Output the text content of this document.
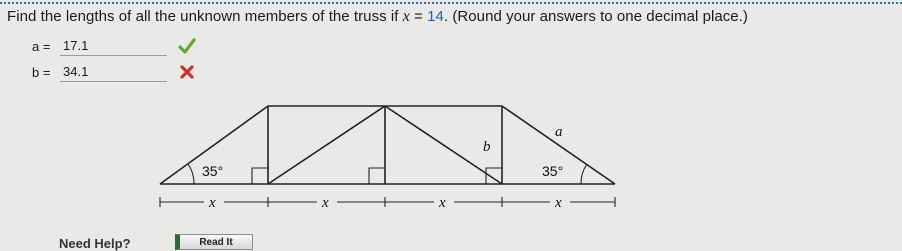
Find the lengths of all the unknown members of the truss if x = 14. (Round your answers to one decimal place.)
a = 17.1
b = 34.1
35°	35°
b
a
x	x	x	x
Need Help?	Read It
